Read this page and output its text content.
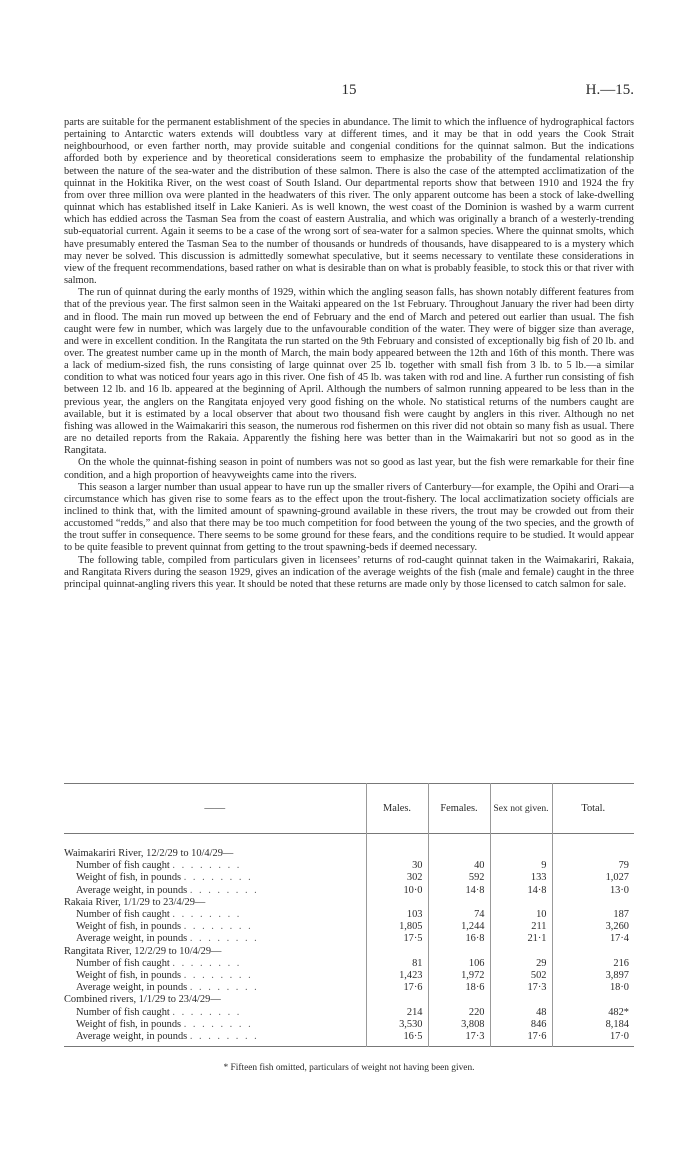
15	H.—15.

parts are suitable for the permanent establishment of the species in abundance. The limit to which the influence of hydrographical factors pertaining to Antarctic waters extends will doubtless vary at different times, and it may be that in odd years the Cook Strait neighbourhood, or even farther north, may provide suitable and congenial conditions for the quinnat salmon. But the indications afforded both by experience and by theoretical considerations seem to emphasize the probability of the fundamental relationship between the nature of the sea-water and the distribution of these salmon. There is also the case of the attempted acclimatization of the quinnat in the Hokitika River, on the west coast of South Island. Our departmental reports show that between 1910 and 1924 the fry from over three million ova were planted in the headwaters of this river. The only apparent outcome has been a stock of lake-dwelling quinnat which has established itself in Lake Kanieri. As is well known, the west coast of the Dominion is washed by a warm current which has eddied across the Tasman Sea from the coast of eastern Australia, and which was originally a branch of a westerly-trending sub-equatorial current. Again it seems to be a case of the wrong sort of sea-water for a salmon species. Where the quinnat smolts, which have presumably entered the Tasman Sea to the number of thousands or hundreds of thousands, have disappeared to is a mystery which may never be solved. This discussion is admittedly somewhat speculative, but it seems necessary to ventilate these considerations in view of the frequent recommendations, based rather on what is desirable than on what is probably feasible, to stock this or that river with salmon.

The run of quinnat during the early months of 1929, within which the angling season falls, has shown notably different features from that of the previous year. The first salmon seen in the Waitaki appeared on the 1st February. Throughout January the river had been dirty and in flood. The main run moved up between the end of February and the end of March and petered out earlier than usual. The fish caught were few in number, which was largely due to the unfavourable condition of the water. They were of bigger size than average, and were in excellent condition. In the Rangitata the run started on the 9th February and consisted of exceptionally big fish of 20 lb. and over. The greatest number came up in the month of March, the main body appeared between the 12th and 16th of this month. There was a lack of medium-sized fish, the runs consisting of large quinnat over 25 lb. together with small fish from 3 lb. to 5 lb.—a similar condition to what was noticed four years ago in this river. One fish of 45 lb. was taken with rod and line. A further run consisting of fish between 12 lb. and 16 lb. appeared at the beginning of April. Although the numbers of salmon running appeared to be less than in the previous year, the anglers on the Rangitata enjoyed very good fishing on the whole. No statistical returns of the numbers caught are available, but it is estimated by a local observer that about two thousand fish were caught by anglers in this river. Although no net fishing was allowed in the Waimakariri this season, the numerous rod fishermen on this river did not obtain so many fish as usual. There are no detailed reports from the Rakaia. Apparently the fishing here was better than in the Waimakariri but not so good as in the Rangitata.

On the whole the quinnat-fishing season in point of numbers was not so good as last year, but the fish were remarkable for their fine condition, and a high proportion of heavyweights came into the rivers.

This season a larger number than usual appear to have run up the smaller rivers of Canterbury—for example, the Opihi and Orari—a circumstance which has given rise to some fears as to the effect upon the trout-fishery. The local acclimatization society officials are inclined to think that, with the limited amount of spawning-ground available in these rivers, the trout may be crowded out from their accustomed “redds,” and also that there may be too much competition for food between the young of the two species, and the growth of the trout suffer in consequence. There seems to be some ground for these fears, and the conditions require to be studied. It would appear to be quite feasible to prevent quinnat from getting to the trout spawning-beds if deemed necessary.

The following table, compiled from particulars given in licensees’ returns of rod-caught quinnat taken in the Waimakariri, Rakaia, and Rangitata Rivers during the season 1929, gives an indication of the average weights of the fish (male and female) caught in the three principal quinnat-angling rivers this year. It should be noted that these returns are made only by those licensed to catch salmon for sale.

——	Males.	Females.	Sex not given.	Total.

Waimakariri River, 12/2/29 to 10/4/29—				
Number of fish caught . . . . . . . .	30	40	9	79
Weight of fish, in pounds . . . . . . . .	302	592	133	1,027
Average weight, in pounds . . . . . . . .	10·0	14·8	14·8	13·0
Rakaia River, 1/1/29 to 23/4/29—				
Number of fish caught . . . . . . . .	103	74	10	187
Weight of fish, in pounds . . . . . . . .	1,805	1,244	211	3,260
Average weight, in pounds . . . . . . . .	17·5	16·8	21·1	17·4
Rangitata River, 12/2/29 to 10/4/29—				
Number of fish caught . . . . . . . .	81	106	29	216
Weight of fish, in pounds . . . . . . . .	1,423	1,972	502	3,897
Average weight, in pounds . . . . . . . .	17·6	18·6	17·3	18·0
Combined rivers, 1/1/29 to 23/4/29—				
Number of fish caught . . . . . . . .	214	220	48	482*
Weight of fish, in pounds . . . . . . . .	3,530	3,808	846	8,184
Average weight, in pounds . . . . . . . .	16·5	17·3	17·6	17·0
* Fifteen fish omitted, particulars of weight not having been given.
